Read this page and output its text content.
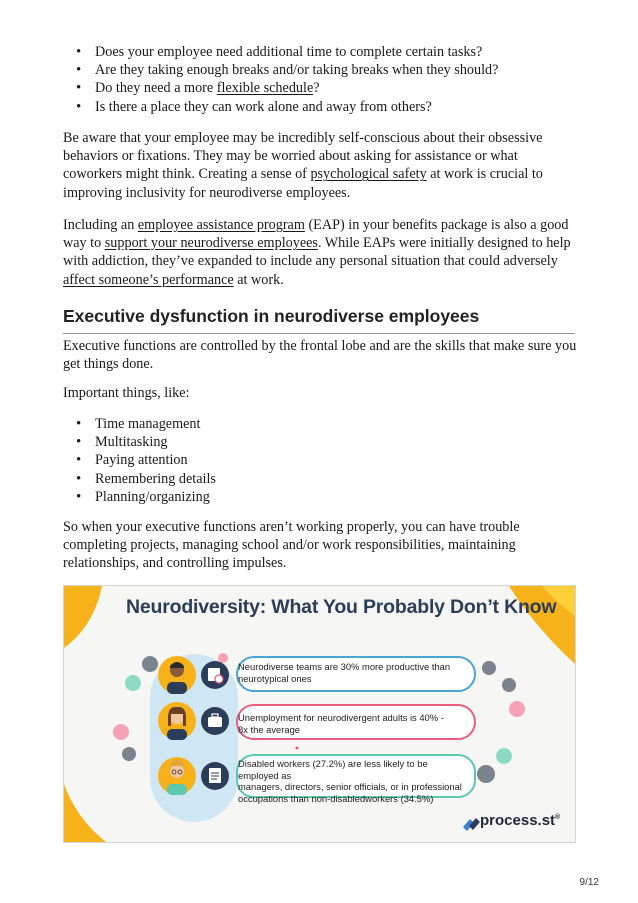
• Does your employee need additional time to complete certain tasks?
• Are they taking enough breaks and/or taking breaks when they should?
• Do they need a more flexible schedule?
• Is there a place they can work alone and away from others?

Be aware that your employee may be incredibly self-conscious about their obsessive behaviors or fixations. They may be worried about asking for assistance or what coworkers might think. Creating a sense of psychological safety at work is crucial to improving inclusivity for neurodiverse employees.

Including an employee assistance program (EAP) in your benefits package is also a good way to support your neurodiverse employees. While EAPs were initially designed to help with addiction, they’ve expanded to include any personal situation that could adversely affect someone’s performance at work.

Executive dysfunction in neurodiverse employees

Executive functions are controlled by the frontal lobe and are the skills that make sure you get things done.

Important things, like:

• Time management
• Multitasking
• Paying attention
• Remembering details
• Planning/organizing

So when your executive functions aren’t working properly, you can have trouble completing projects, managing school and/or work responsibilities, maintaining relationships, and controlling impulses.

Neurodiversity: What You Probably Don’t Know
Neurodiverse teams are 30% more productive than
neurotypical ones
Unemployment for neurodivergent adults is 40% -
8x the average
Disabled workers (27.2%) are less likely to be employed as
managers, directors, senior officials, or in professional
occupations than non-disabledworkers (34.5%)
process.st®
9/12
